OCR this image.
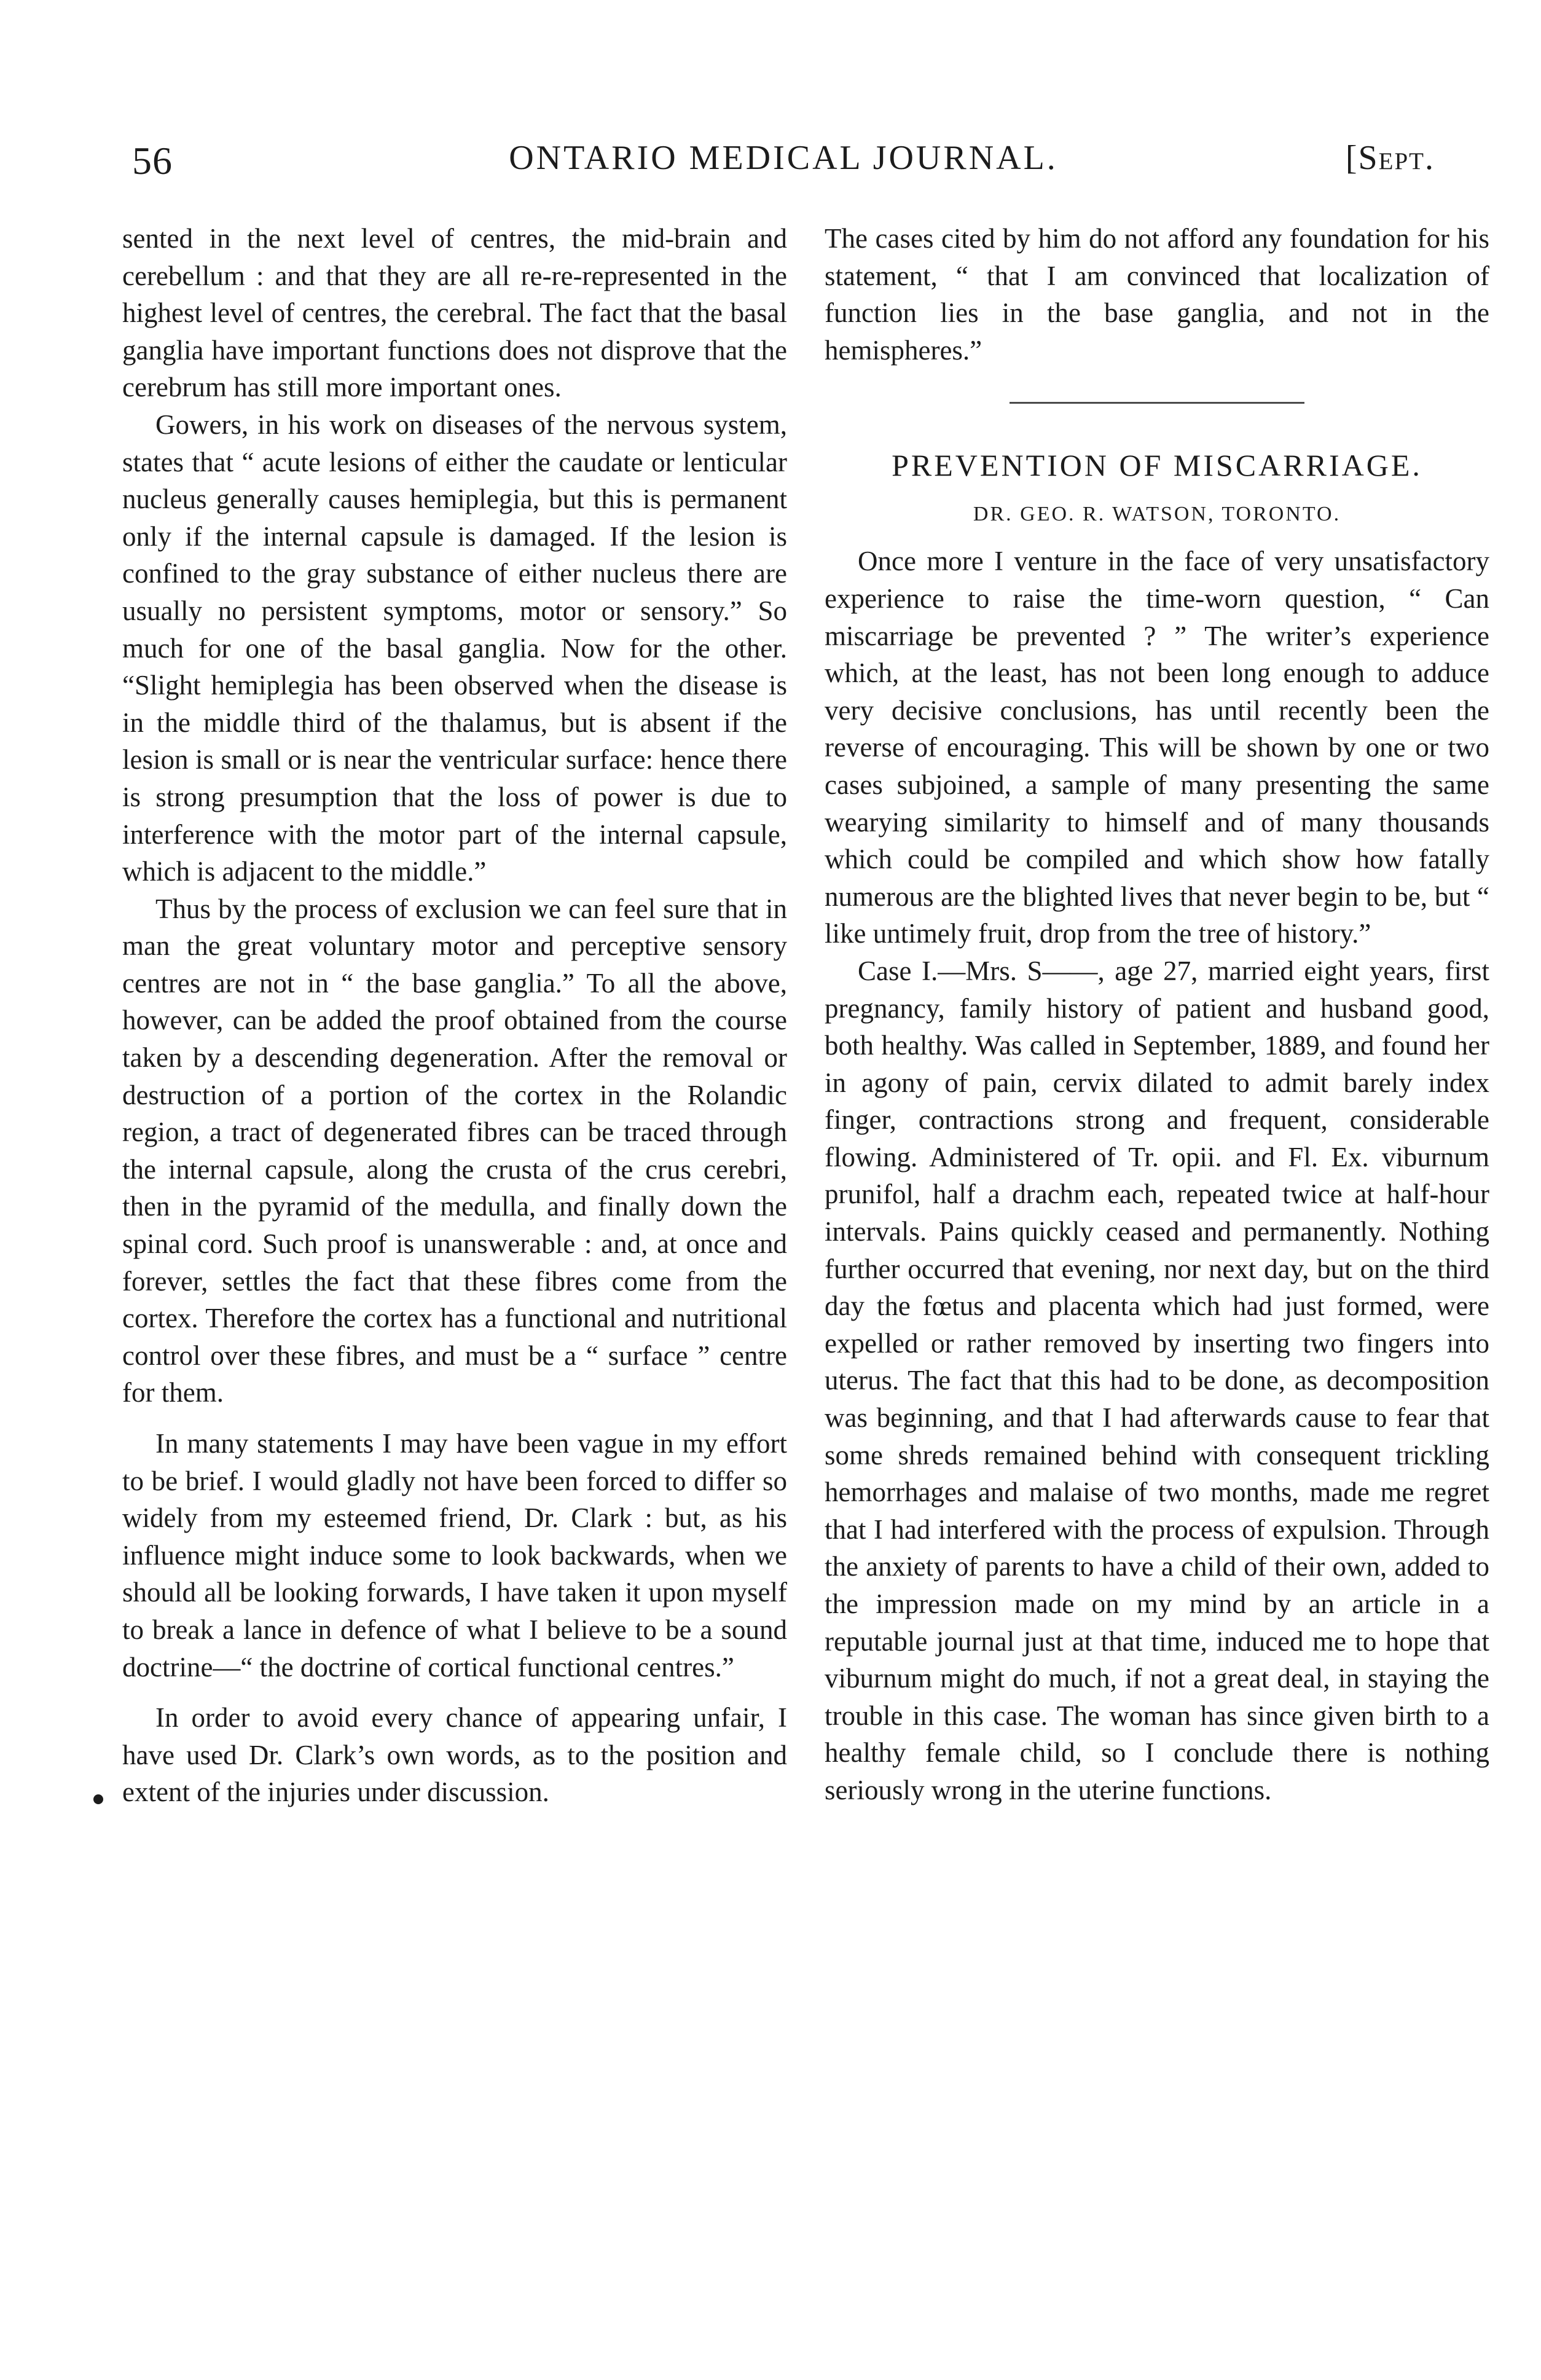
56	ONTARIO MEDICAL JOURNAL.	[Sept.

sented in the next level of centres, the mid-brain and cerebellum : and that they are all re-re-represented in the highest level of centres, the cerebral. The fact that the basal ganglia have important functions does not disprove that the cerebrum has still more important ones.

Gowers, in his work on diseases of the nervous system, states that “ acute lesions of either the caudate or lenticular nucleus generally causes hemiplegia, but this is permanent only if the internal capsule is damaged. If the lesion is confined to the gray substance of either nucleus there are usually no persistent symptoms, motor or sensory.” So much for one of the basal ganglia. Now for the other. “Slight hemiplegia has been observed when the disease is in the middle third of the thalamus, but is absent if the lesion is small or is near the ventricular surface: hence there is strong presumption that the loss of power is due to interference with the motor part of the internal capsule, which is adjacent to the middle.”

Thus by the process of exclusion we can feel sure that in man the great voluntary motor and perceptive sensory centres are not in “ the base ganglia.” To all the above, however, can be added the proof obtained from the course taken by a descending degeneration. After the removal or destruction of a portion of the cortex in the Rolandic region, a tract of degenerated fibres can be traced through the internal capsule, along the crusta of the crus cerebri, then in the pyramid of the medulla, and finally down the spinal cord. Such proof is unanswerable : and, at once and forever, settles the fact that these fibres come from the cortex. Therefore the cortex has a functional and nutritional control over these fibres, and must be a “ surface ” centre for them.

In many statements I may have been vague in my effort to be brief. I would gladly not have been forced to differ so widely from my esteemed friend, Dr. Clark : but, as his influence might induce some to look backwards, when we should all be looking forwards, I have taken it upon myself to break a lance in defence of what I believe to be a sound doctrine—“ the doctrine of cortical functional centres.”

In order to avoid every chance of appearing unfair, I have used Dr. Clark’s own words, as to the position and extent of the injuries under discussion.

The cases cited by him do not afford any foundation for his statement, “ that I am convinced that localization of function lies in the base ganglia, and not in the hemispheres.”

PREVENTION OF MISCARRIAGE.
DR. GEO. R. WATSON, TORONTO.

Once more I venture in the face of very unsatisfactory experience to raise the time-worn question, “ Can miscarriage be prevented ? ” The writer’s experience which, at the least, has not been long enough to adduce very decisive conclusions, has until recently been the reverse of encouraging. This will be shown by one or two cases subjoined, a sample of many presenting the same wearying similarity to himself and of many thousands which could be compiled and which show how fatally numerous are the blighted lives that never begin to be, but “ like untimely fruit, drop from the tree of history.”

Case I.—Mrs. S——, age 27, married eight years, first pregnancy, family history of patient and husband good, both healthy. Was called in September, 1889, and found her in agony of pain, cervix dilated to admit barely index finger, contractions strong and frequent, considerable flowing. Administered of Tr. opii. and Fl. Ex. viburnum prunifol, half a drachm each, repeated twice at half-hour intervals. Pains quickly ceased and permanently. Nothing further occurred that evening, nor next day, but on the third day the fœtus and placenta which had just formed, were expelled or rather removed by inserting two fingers into uterus. The fact that this had to be done, as decomposition was beginning, and that I had afterwards cause to fear that some shreds remained behind with consequent trickling hemorrhages and malaise of two months, made me regret that I had interfered with the process of expulsion. Through the anxiety of parents to have a child of their own, added to the impression made on my mind by an article in a reputable journal just at that time, induced me to hope that viburnum might do much, if not a great deal, in staying the trouble in this case. The woman has since given birth to a healthy female child, so I conclude there is nothing seriously wrong in the uterine functions.
